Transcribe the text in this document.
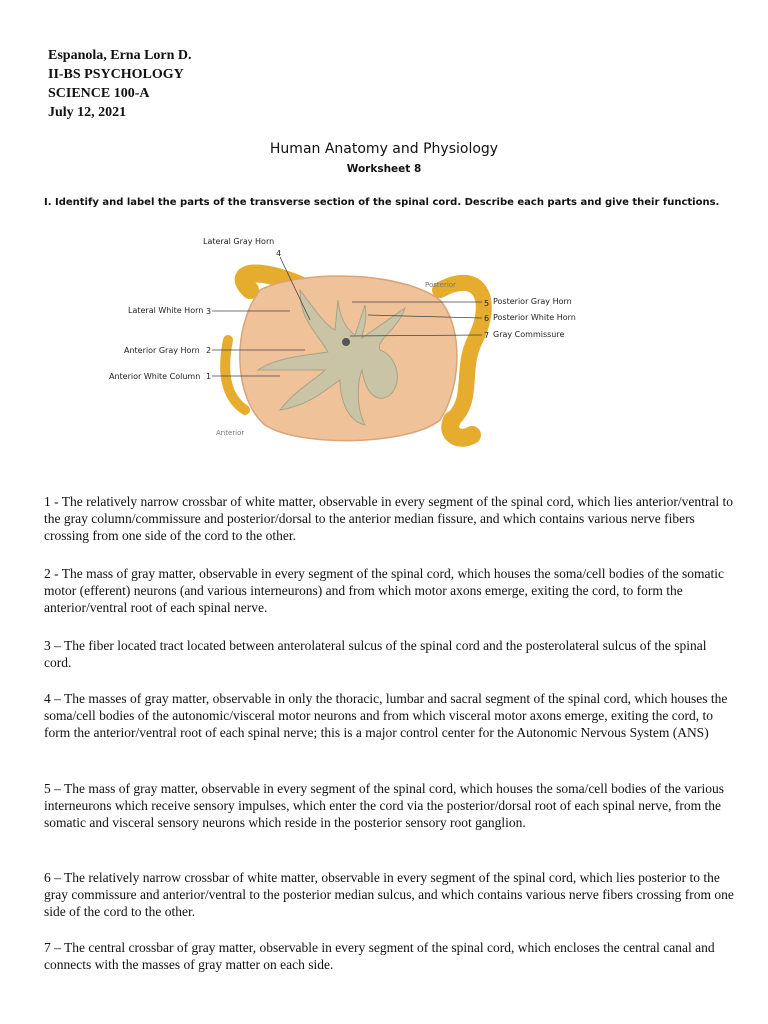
Espanola, Erna Lorn D.
II-BS PSYCHOLOGY
SCIENCE 100-A
July 12, 2021
Human Anatomy and Physiology
Worksheet 8
I. Identify and label the parts of the transverse section of the spinal cord. Describe each parts and give their functions.
Lateral Gray Horn
4
Lateral White Horn 3
Anterior Gray Horn 2
Anterior White Column 1
5 Posterior Gray Horn
6 Posterior White Horn
7 Gray Commissure
Posterior
Anterior
1 - The relatively narrow crossbar of white matter, observable in every segment of the spinal cord, which lies anterior/ventral to the gray column/commissure and posterior/dorsal to the anterior median fissure, and which contains various nerve fibers crossing from one side of the cord to the other.
2 - The mass of gray matter, observable in every segment of the spinal cord, which houses the soma/cell bodies of the somatic motor (efferent) neurons (and various interneurons) and from which motor axons emerge, exiting the cord, to form the anterior/ventral root of each spinal nerve.
3 – The fiber located tract located between anterolateral sulcus of the spinal cord and the posterolateral sulcus of the spinal cord.
4 – The masses of gray matter, observable in only the thoracic, lumbar and sacral segment of the spinal cord, which houses the soma/cell bodies of the autonomic/visceral motor neurons and from which visceral motor axons emerge, exiting the cord, to form the anterior/ventral root of each spinal nerve; this is a major control center for the Autonomic Nervous System (ANS)
5 – The mass of gray matter, observable in every segment of the spinal cord, which houses the soma/cell bodies of the various interneurons which receive sensory impulses, which enter the cord via the posterior/dorsal root of each spinal nerve, from the somatic and visceral sensory neurons which reside in the posterior sensory root ganglion.
6 – The relatively narrow crossbar of white matter, observable in every segment of the spinal cord, which lies posterior to the gray commissure and anterior/ventral to the posterior median sulcus, and which contains various nerve fibers crossing from one side of the cord to the other.
7 – The central crossbar of gray matter, observable in every segment of the spinal cord, which encloses the central canal and connects with the masses of gray matter on each side.
